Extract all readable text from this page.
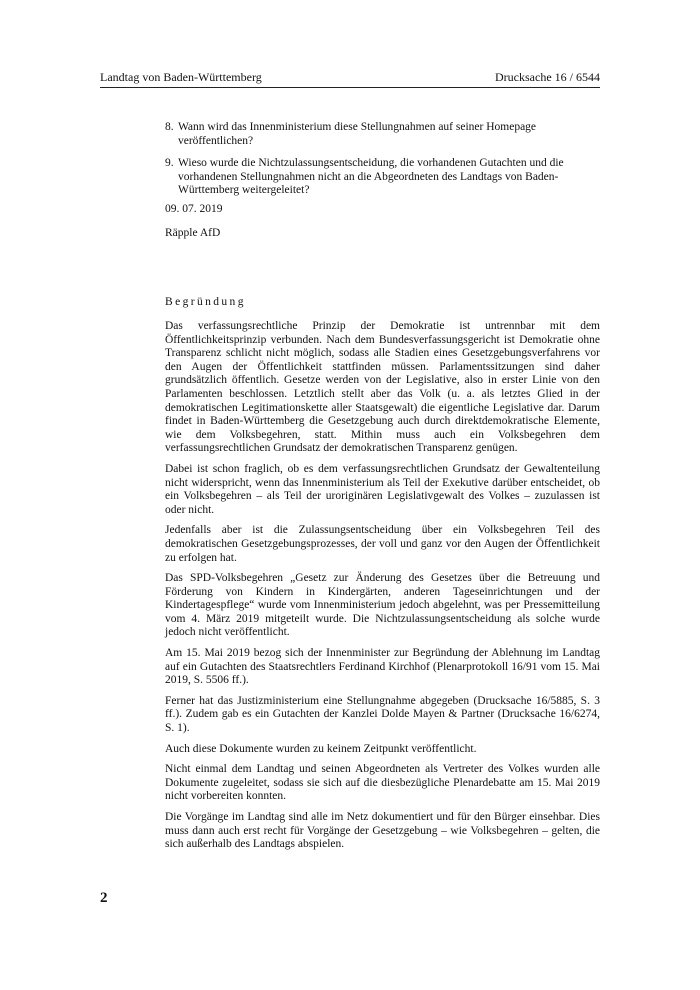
Landtag von Baden-Württemberg	Drucksache 16 / 6544
8. Wann wird das Innenministerium diese Stellungnahmen auf seiner Homepage veröffentlichen?
9. Wieso wurde die Nichtzulassungsentscheidung, die vorhandenen Gutachten und die vorhandenen Stellungnahmen nicht an die Abgeordneten des Landtags von Baden-Württemberg weitergeleitet?
09. 07. 2019
Räpple AfD
Begründung

Das verfassungsrechtliche Prinzip der Demokratie ist untrennbar mit dem Öffentlichkeitsprinzip verbunden. Nach dem Bundesverfassungsgericht ist Demokratie ohne Transparenz schlicht nicht möglich, sodass alle Stadien eines Gesetzgebungsverfahrens vor den Augen der Öffentlichkeit stattfinden müssen. Parlamentssitzungen sind daher grundsätzlich öffentlich. Gesetze werden von der Legislative, also in erster Linie von den Parlamenten beschlossen. Letztlich stellt aber das Volk (u. a. als letztes Glied in der demokratischen Legitimationskette aller Staatsgewalt) die eigentliche Legislative dar. Darum findet in Baden-Württemberg die Gesetzgebung auch durch direktdemokratische Elemente, wie dem Volksbegehren, statt. Mithin muss auch ein Volksbegehren dem verfassungsrechtlichen Grundsatz der demokratischen Transparenz genügen.

Dabei ist schon fraglich, ob es dem verfassungsrechtlichen Grundsatz der Gewaltenteilung nicht widerspricht, wenn das Innenministerium als Teil der Exekutive darüber entscheidet, ob ein Volksbegehren – als Teil der uroriginären Legislativgewalt des Volkes – zuzulassen ist oder nicht.

Jedenfalls aber ist die Zulassungsentscheidung über ein Volksbegehren Teil des demokratischen Gesetzgebungsprozesses, der voll und ganz vor den Augen der Öffentlichkeit zu erfolgen hat.

Das SPD-Volksbegehren „Gesetz zur Änderung des Gesetzes über die Betreuung und Förderung von Kindern in Kindergärten, anderen Tageseinrichtungen und der Kindertagespflege“ wurde vom Innenministerium jedoch abgelehnt, was per Pressemitteilung vom 4. März 2019 mitgeteilt wurde. Die Nichtzulassungsentscheidung als solche wurde jedoch nicht veröffentlicht.

Am 15. Mai 2019 bezog sich der Innenminister zur Begründung der Ablehnung im Landtag auf ein Gutachten des Staatsrechtlers Ferdinand Kirchhof (Plenarprotokoll 16/91 vom 15. Mai 2019, S. 5506 ff.).

Ferner hat das Justizministerium eine Stellungnahme abgegeben (Drucksache 16/5885, S. 3 ff.). Zudem gab es ein Gutachten der Kanzlei Dolde Mayen & Partner (Drucksache 16/6274, S. 1).

Auch diese Dokumente wurden zu keinem Zeitpunkt veröffentlicht.

Nicht einmal dem Landtag und seinen Abgeordneten als Vertreter des Volkes wurden alle Dokumente zugeleitet, sodass sie sich auf die diesbezügliche Plenardebatte am 15. Mai 2019 nicht vorbereiten konnten.

Die Vorgänge im Landtag sind alle im Netz dokumentiert und für den Bürger einsehbar. Dies muss dann auch erst recht für Vorgänge der Gesetzgebung – wie Volksbegehren – gelten, die sich außerhalb des Landtags abspielen.

2
